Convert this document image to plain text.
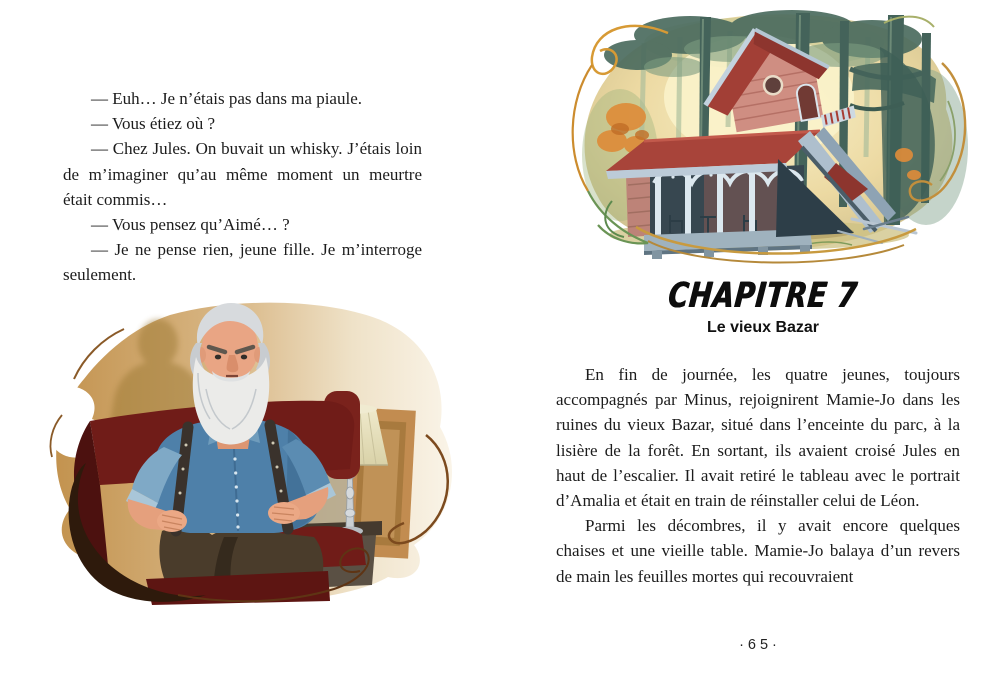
— Euh… Je n’étais pas dans ma piaule.

— Vous étiez où ?

— Chez Jules. On buvait un whisky. J’étais loin de m’imaginer qu’au même moment un meurtre était commis…

— Vous pensez qu’Aimé… ?

— Je ne pense rien, jeune fille. Je m’interroge seulement.	CHAPITRE 7
Le vieux Bazar

En fin de journée, les quatre jeunes, toujours accompagnés par Minus, rejoignirent Mamie-Jo dans les ruines du vieux Bazar, situé dans l’enceinte du parc, à la lisière de la forêt. En sortant, ils avaient croisé Jules en haut de l’escalier. Il avait retiré le tableau avec le portrait d’Amalia et était en train de réinstaller celui de Léon.

Parmi les décombres, il y avait encore quelques chaises et une vieille table. Mamie-Jo balaya d’un revers de main les feuilles mortes qui recouvraient

·65·
